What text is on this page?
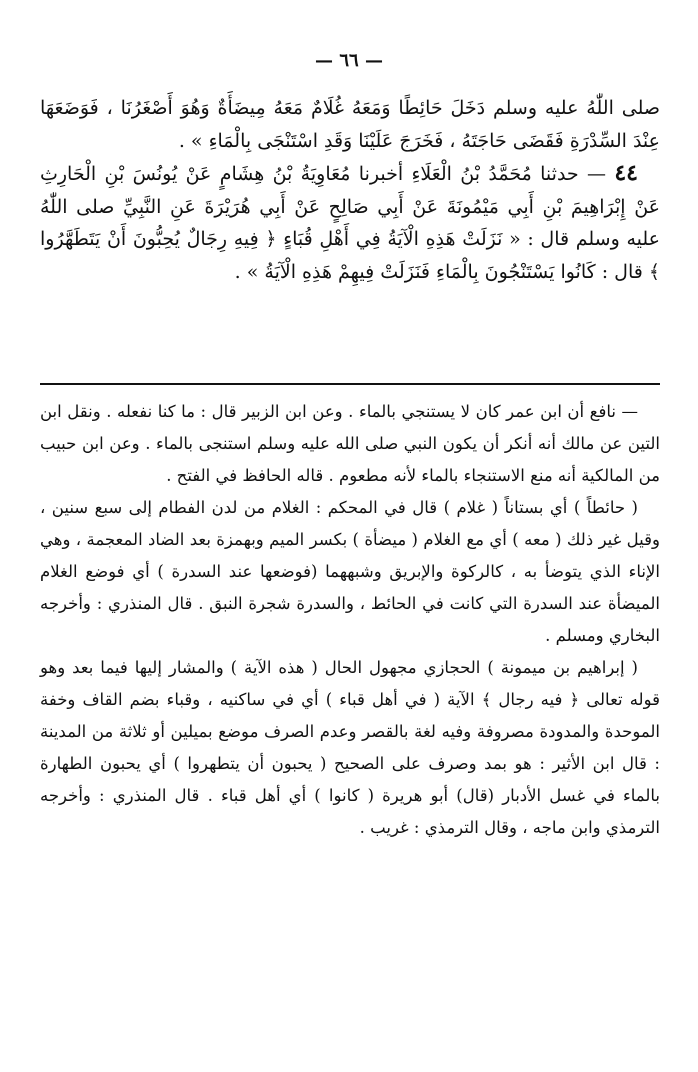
— ٦٦ —

صلى اللّٰهُ عليه وسلم دَخَلَ حَائِطًا وَمَعَهُ غُلَامٌ مَعَهُ مِيضَأَةٌ وَهُوَ أَصْغَرُنَا ، فَوَضَعَهَا عِنْدَ السِّدْرَةِ فَقَضَى حَاجَتَهُ ، فَخَرَجَ عَلَيْنَا وَقَدِ اسْتَنْجَى بِالْمَاءِ » .

٤٤ — حدثنا مُحَمَّدُ بْنُ الْعَلَاءِ أخبرنا مُعَاوِيَةُ بْنُ هِشَامٍ عَنْ يُونُسَ بْنِ الْحَارِثِ عَنْ إِبْرَاهِيمَ بْنِ أَبِي مَيْمُونَةَ عَنْ أَبِي صَالِحٍ عَنْ أَبِي هُرَيْرَةَ عَنِ النَّبِيِّ صلى اللّٰهُ عليه وسلم قال : « نَزَلَتْ هَذِهِ الْآيَةُ فِي أَهْلِ قُبَاءٍ ﴿ فِيهِ رِجَالٌ يُحِبُّونَ أَنْ يَتَطَهَّرُوا ﴾ قال : كَانُوا يَسْتَنْجُونَ بِالْمَاءِ فَنَزَلَتْ فِيهِمْ هَذِهِ الْآيَةُ » .

— نافع أن ابن عمر كان لا يستنجي بالماء . وعن ابن الزبير قال : ما كنا نفعله . ونقل ابن التين عن مالك أنه أنكر أن يكون النبي صلى الله عليه وسلم استنجى بالماء . وعن ابن حبيب من المالكية أنه منع الاستنجاء بالماء لأنه مطعوم . قاله الحافظ في الفتح .

( حائطاً ) أي بستاناً ( غلام ) قال في المحكم : الغلام من لدن الفطام إلى سبع سنين ، وقيل غير ذلك ( معه ) أي مع الغلام ( ميضأة ) بكسر الميم وبهمزة بعد الضاد المعجمة ، وهي الإناء الذي يتوضأ به ، كالركوة والإبريق وشبههما (فوضعها عند السدرة ) أي فوضع الغلام الميضأة عند السدرة التي كانت في الحائط ، والسدرة شجرة النبق . قال المنذري : وأخرجه البخاري ومسلم .

( إبراهيم بن ميمونة ) الحجازي مجهول الحال ( هذه الآية ) والمشار إليها فيما بعد وهو قوله تعالى ﴿ فيه رجال ﴾ الآية ( في أهل قباء ) أي في ساكنيه ، وقباء بضم القاف وخفة الموحدة والمدودة مصروفة وفيه لغة بالقصر وعدم الصرف موضع بميلين أو ثلاثة من المدينة : قال ابن الأثير : هو بمد وصرف على الصحيح ( يحبون أن يتطهروا ) أي يحبون الطهارة بالماء في غسل الأدبار (قال) أبو هريرة ( كانوا ) أي أهل قباء . قال المنذري : وأخرجه الترمذي وابن ماجه ، وقال الترمذي : غريب .
